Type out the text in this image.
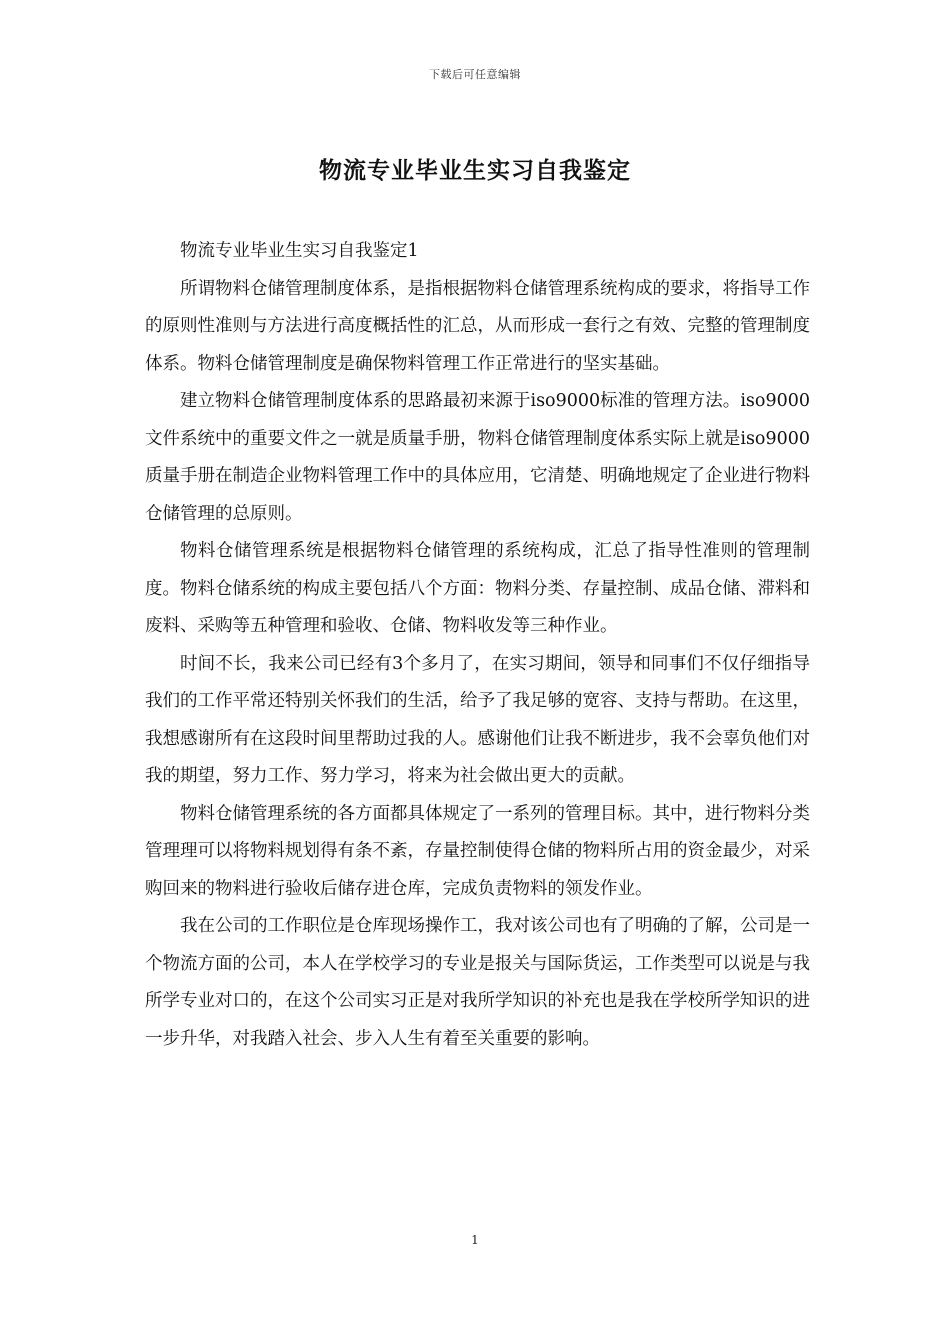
下载后可任意编辑
物流专业毕业生实习自我鉴定

物流专业毕业生实习自我鉴定1

所谓物料仓储管理制度体系，是指根据物料仓储管理系统构成的要求，将指导工作的原则性准则与方法进行高度概括性的汇总，从而形成一套行之有效、完整的管理制度体系。物料仓储管理制度是确保物料管理工作正常进行的坚实基础。

建立物料仓储管理制度体系的思路最初来源于iso9000标准的管理方法。iso9000文件系统中的重要文件之一就是质量手册，物料仓储管理制度体系实际上就是iso9000质量手册在制造企业物料管理工作中的具体应用，它清楚、明确地规定了企业进行物料仓储管理的总原则。

物料仓储管理系统是根据物料仓储管理的系统构成，汇总了指导性准则的管理制度。物料仓储系统的构成主要包括八个方面：物料分类、存量控制、成品仓储、滞料和废料、采购等五种管理和验收、仓储、物料收发等三种作业。

时间不长，我来公司已经有3个多月了，在实习期间，领导和同事们不仅仔细指导我们的工作平常还特别关怀我们的生活，给予了我足够的宽容、支持与帮助。在这里，我想感谢所有在这段时间里帮助过我的人。感谢他们让我不断进步，我不会辜负他们对我的期望，努力工作、努力学习，将来为社会做出更大的贡献。

物料仓储管理系统的各方面都具体规定了一系列的管理目标。其中，进行物料分类管理理可以将物料规划得有条不紊，存量控制使得仓储的物料所占用的资金最少，对采购回来的物料进行验收后储存进仓库，完成负责物料的领发作业。

我在公司的工作职位是仓库现场操作工，我对该公司也有了明确的了解，公司是一个物流方面的公司，本人在学校学习的专业是报关与国际货运，工作类型可以说是与我所学专业对口的，在这个公司实习正是对我所学知识的补充也是我在学校所学知识的进一步升华，对我踏入社会、步入人生有着至关重要的影响。

1
